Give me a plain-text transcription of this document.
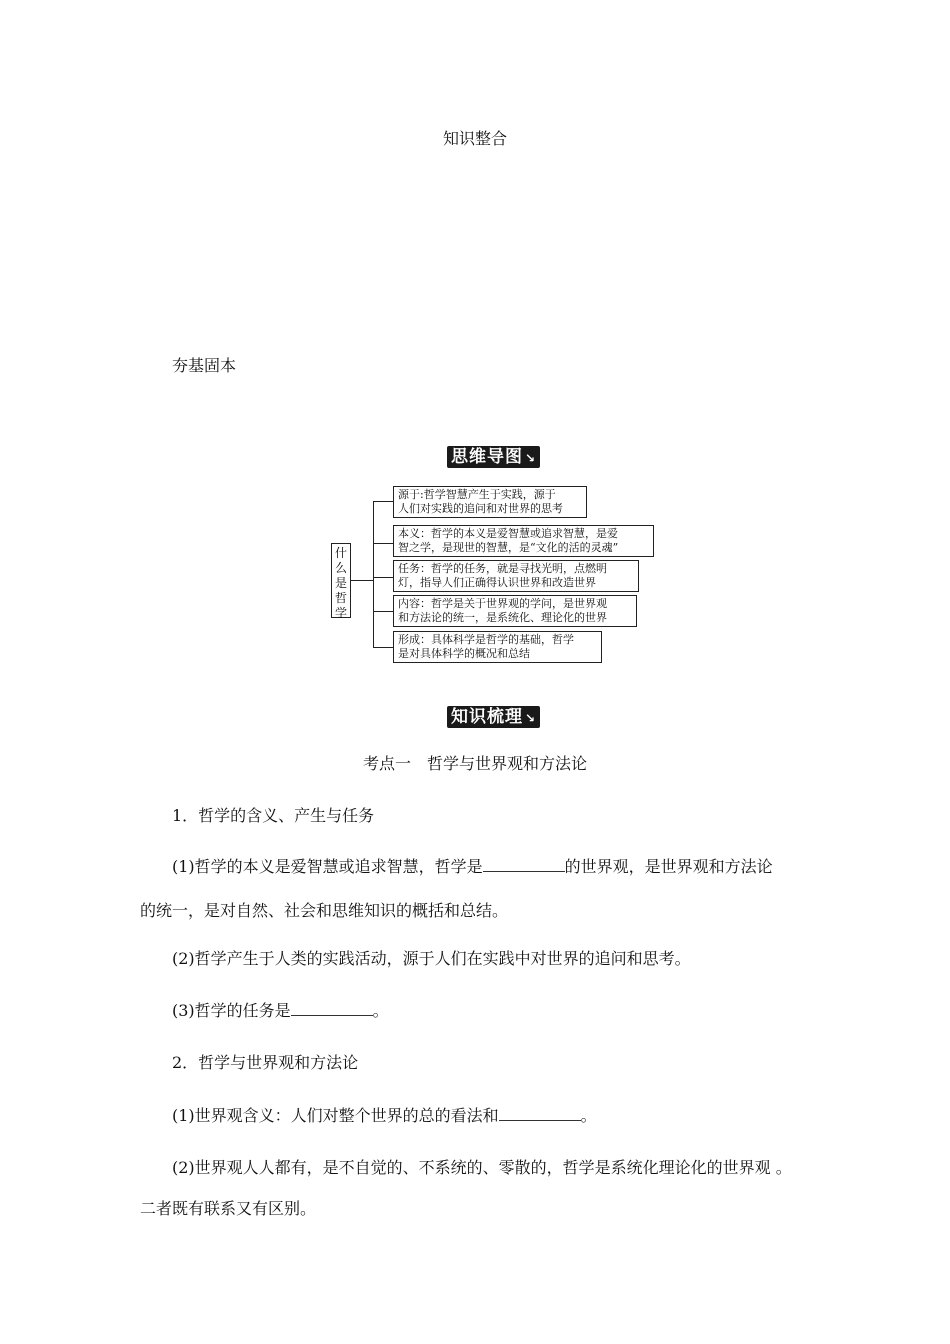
知识整合
夯基固本
思维导图 ↘
什
么
是
哲
学
源于:哲学智慧产生于实践，源于
人们对实践的追问和对世界的思考
本义：哲学的本义是爱智慧或追求智慧，是爱
智之学，是现世的智慧，是“文化的活的灵魂”
任务：哲学的任务，就是寻找光明，点燃明
灯，指导人们正确得认识世界和改造世界
内容：哲学是关于世界观的学问，是世界观
和方法论的统一，是系统化、理论化的世界
形成：具体科学是哲学的基础，哲学
是对具体科学的概况和总结
知识梳理 ↘
考点一　哲学与世界观和方法论
1．哲学的含义、产生与任务
(1)哲学的本义是爱智慧或追求智慧，哲学是	的世界观，是世界观和方法论
的统一，是对自然、社会和思维知识的概括和总结。
(2)哲学产生于人类的实践活动，源于人们在实践中对世界的追问和思考。
(3)哲学的任务是	。
2．哲学与世界观和方法论
(1)世界观含义：人们对整个世界的总的看法和	。
(2)世界观人人都有，是不自觉的、不系统的、零散的，哲学是系统化理论化的世界观 。
二者既有联系又有区别。
